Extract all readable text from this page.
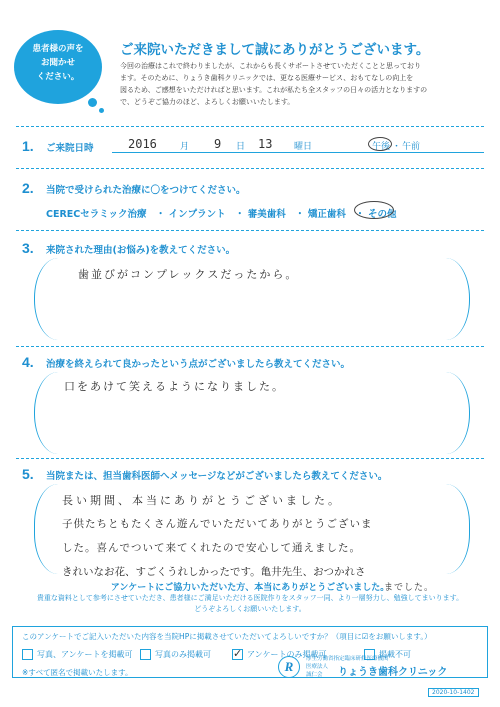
患者様の声を
お聞かせ
ください。
ご来院いただきまして誠にありがとうございます。
今回の治療はこれで終わりましたが、これからも長くサポートさせていただくことと思っており
ます。そのために、りょうき歯科クリニックでは、更なる医療サービス、おもてなしの向上を
図るため、ご感想をいただければと思います。これが私たち全スタッフの日々の活力となりますの
で、どうぞご協力のほど、よろしくお願いいたします。
1. ご来院日時	2016	月 9 日 13 曜日	午後 ・ 午前
2. 当院で受けられた治療に〇をつけてください。
CERECセラミック治療 ・ インプラント ・ 審美歯科 ・ 矯正歯科 ・ その他
3. 来院された理由(お悩み)を教えてください。
歯並びがコンプレックスだったから。
4. 治療を終えられて良かったという点がございましたら教えてください。
口をあけて笑えるようになりました。
5. 当院または、担当歯科医師へメッセージなどがございましたら教えてください。
長い期間、本当にありがとうございました。
子供たちともたくさん遊んでいただいてありがとうございま
した。喜んでついて来てくれたので安心して通えました。
きれいなお花、すごくうれしかったです。亀井先生、おつかれさ
までした。
アンケートにご協力いただいた方、本当にありがとうございました。
貴重な資料として参考にさせていただき、患者様にご満足いただける医院作りをスタッフ一同、より一層努力し、勉強してまいります。
どうぞよろしくお願いいたします。
このアンケートでご記入いただいた内容を当院HPに掲載させていただいてよろしいですか？（項目に☑をお願いします。）
写真、アンケートを掲載可	写真のみ掲載可 ✓	アンケートのみ掲載可	掲載不可
※すべて匿名で掲載いたします。	R	厚生労働省指定臨床研修医療機関
医療法人
誠仁会	りょうき歯科クリニック
2020-10-1402
